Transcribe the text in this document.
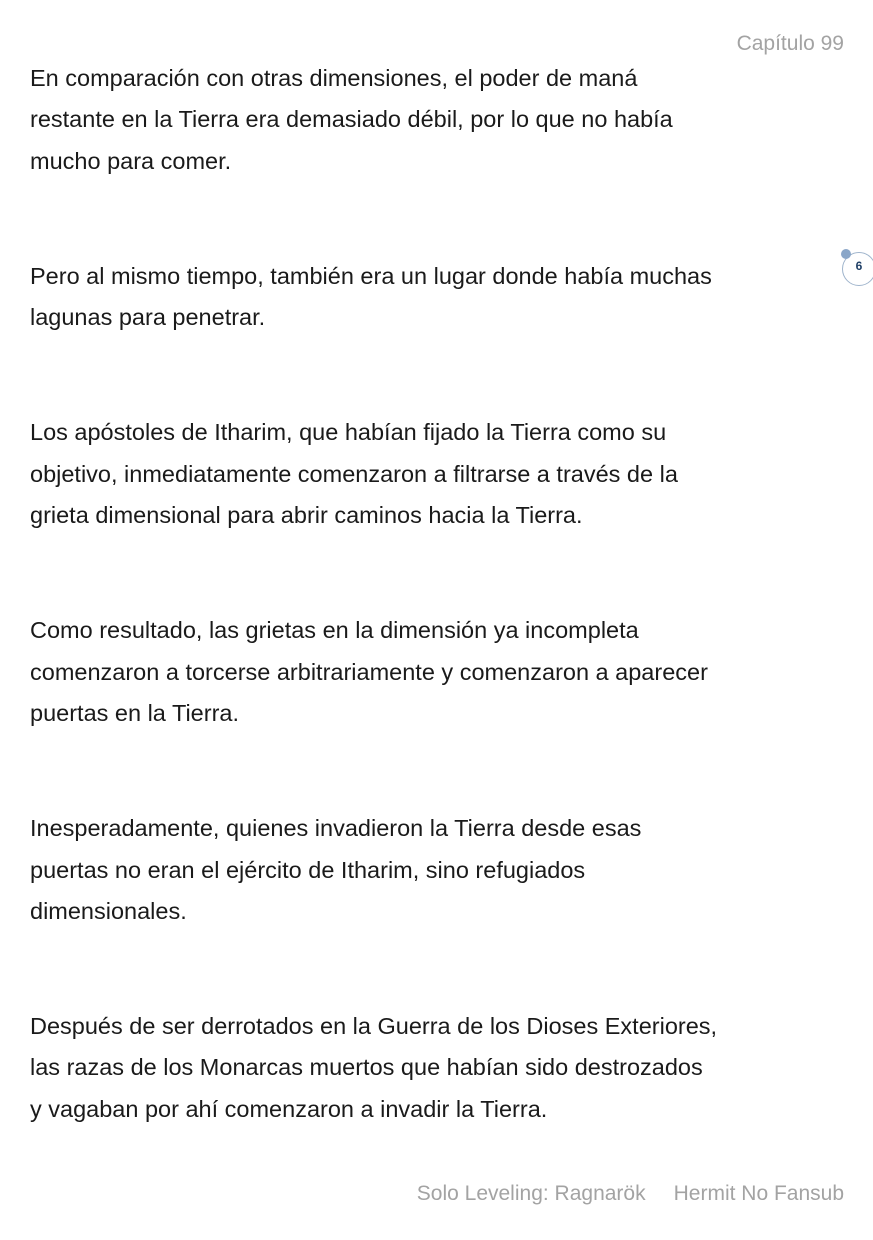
Capítulo 99

En comparación con otras dimensiones, el poder de maná
restante en la Tierra era demasiado débil, por lo que no había
mucho para comer.

Pero al mismo tiempo, también era un lugar donde había muchas
lagunas para penetrar.

Los apóstoles de Itharim, que habían fijado la Tierra como su
objetivo, inmediatamente comenzaron a filtrarse a través de la
grieta dimensional para abrir caminos hacia la Tierra.

Como resultado, las grietas en la dimensión ya incompleta
comenzaron a torcerse arbitrariamente y comenzaron a aparecer
puertas en la Tierra.

Inesperadamente, quienes invadieron la Tierra desde esas
puertas no eran el ejército de Itharim, sino refugiados
dimensionales.

Después de ser derrotados en la Guerra de los Dioses Exteriores,
las razas de los Monarcas muertos que habían sido destrozados
y vagaban por ahí comenzaron a invadir la Tierra.

6
Solo Leveling: Ragnarök Hermit No Fansub
